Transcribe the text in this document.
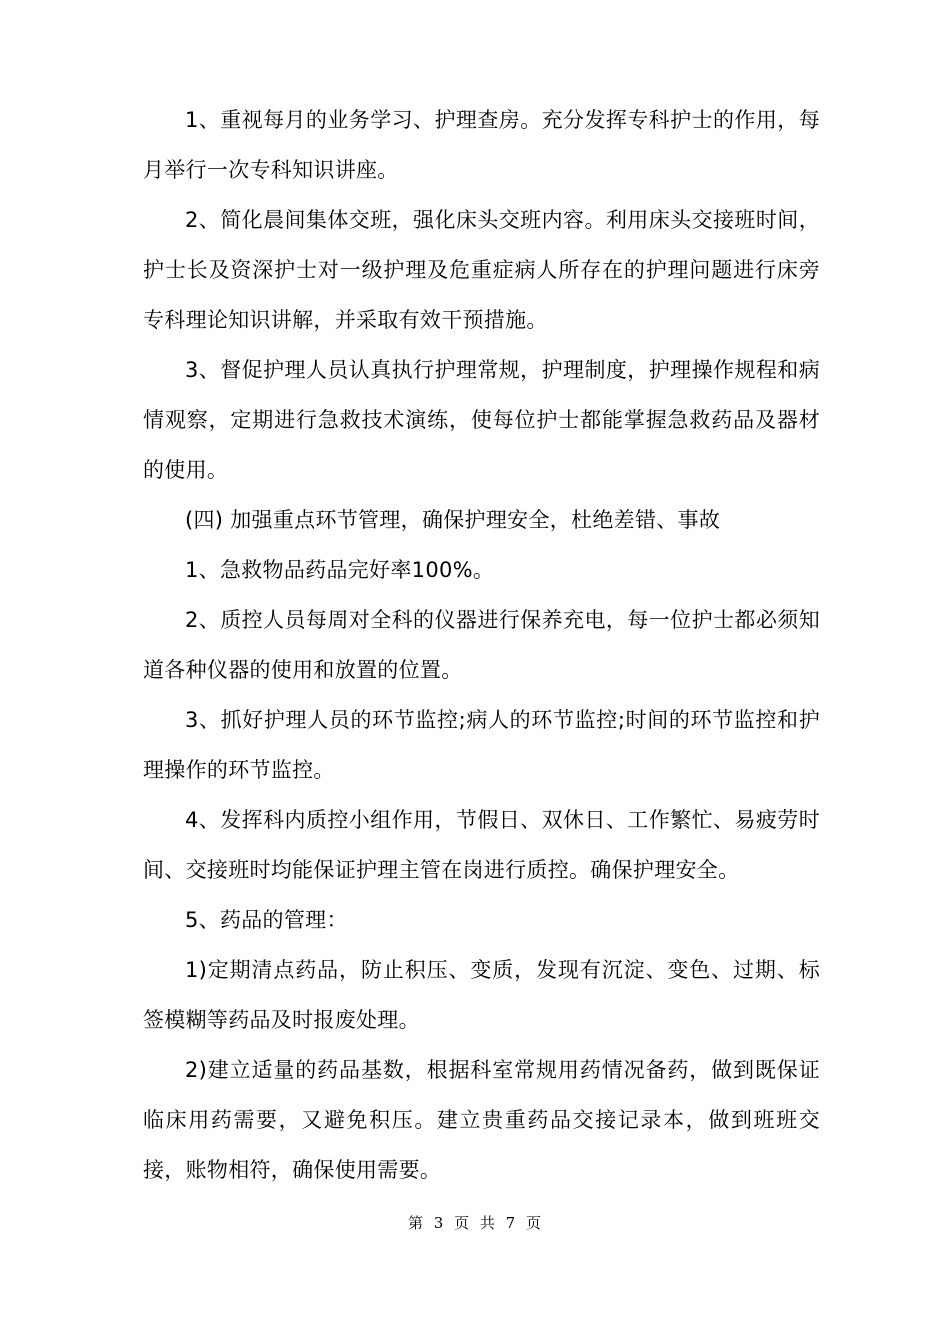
1、重视每月的业务学习、护理查房。充分发挥专科护士的作用，每月举行一次专科知识讲座。

2、简化晨间集体交班，强化床头交班内容。利用床头交接班时间，护士长及资深护士对一级护理及危重症病人所存在的护理问题进行床旁专科理论知识讲解，并采取有效干预措施。

3、督促护理人员认真执行护理常规，护理制度，护理操作规程和病情观察，定期进行急救技术演练，使每位护士都能掌握急救药品及器材的使用。

(四) 加强重点环节管理，确保护理安全，杜绝差错、事故

1、急救物品药品完好率100%。

2、质控人员每周对全科的仪器进行保养充电，每一位护士都必须知道各种仪器的使用和放置的位置。

3、抓好护理人员的环节监控;病人的环节监控;时间的环节监控和护理操作的环节监控。

4、发挥科内质控小组作用，节假日、双休日、工作繁忙、易疲劳时间、交接班时均能保证护理主管在岗进行质控。确保护理安全。

5、药品的管理：

1)定期清点药品，防止积压、变质，发现有沉淀、变色、过期、标签模糊等药品及时报废处理。

2)建立适量的药品基数，根据科室常规用药情况备药，做到既保证临床用药需要，又避免积压。建立贵重药品交接记录本，做到班班交接，账物相符，确保使用需要。

第 3 页 共 7 页
